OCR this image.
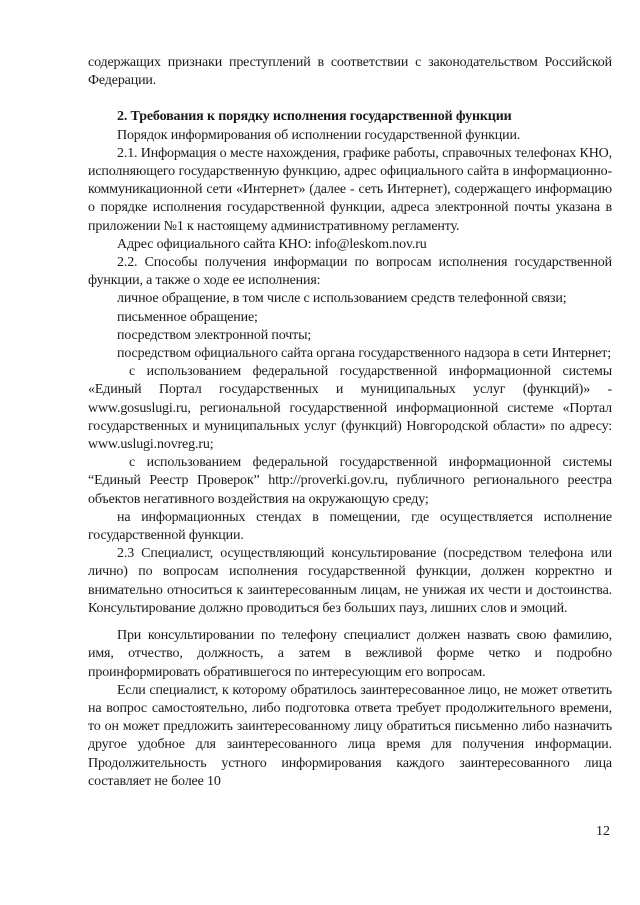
содержащих признаки преступлений в соответствии с законодательством Российской Федерации.

2. Требования к порядку исполнения государственной функции

Порядок информирования об исполнении государственной функции.

2.1. Информация о месте нахождения, графике работы, справочных телефонах КНО, исполняющего государственную функцию, адрес официального сайта в информационно-коммуникационной сети «Интернет» (далее - сеть Интернет), содержащего информацию о порядке исполнения государственной функции, адреса электронной почты указана в приложении №1 к настоящему административному регламенту.

Адрес официального сайта КНО: info@leskom.nov.ru

2.2. Способы получения информации по вопросам исполнения государственной функции, а также о ходе ее исполнения:

личное обращение, в том числе с использованием средств телефонной связи;

письменное обращение;

посредством электронной почты;

посредством официального сайта органа государственного надзора в сети Интернет;

с использованием федеральной государственной информационной системы «Единый Портал государственных и муниципальных услуг (функций)» - www.gosuslugi.ru, региональной государственной информационной системе «Портал государственных и муниципальных услуг (функций) Новгородской области» по адресу: www.uslugi.novreg.ru;

с использованием федеральной государственной информационной системы “Единый Реестр Проверок” http://proverki.gov.ru, публичного регионального реестра объектов негативного воздействия на окружающую среду;

на информационных стендах в помещении, где осуществляется исполнение государственной функции.

2.3 Специалист, осуществляющий консультирование (посредством телефона или лично) по вопросам исполнения государственной функции, должен корректно и внимательно относиться к заинтересованным лицам, не унижая их чести и достоинства. Консультирование должно проводиться без больших пауз, лишних слов и эмоций.

При консультировании по телефону специалист должен назвать свою фамилию, имя, отчество, должность, а затем в вежливой форме четко и подробно проинформировать обратившегося по интересующим его вопросам.

Если специалист, к которому обратилось заинтересованное лицо, не может ответить на вопрос самостоятельно, либо подготовка ответа требует продолжительного времени, то он может предложить заинтересованному лицу обратиться письменно либо назначить другое удобное для заинтересованного лица время для получения информации. Продолжительность устного информирования каждого заинтересованного лица составляет не более 10

12
